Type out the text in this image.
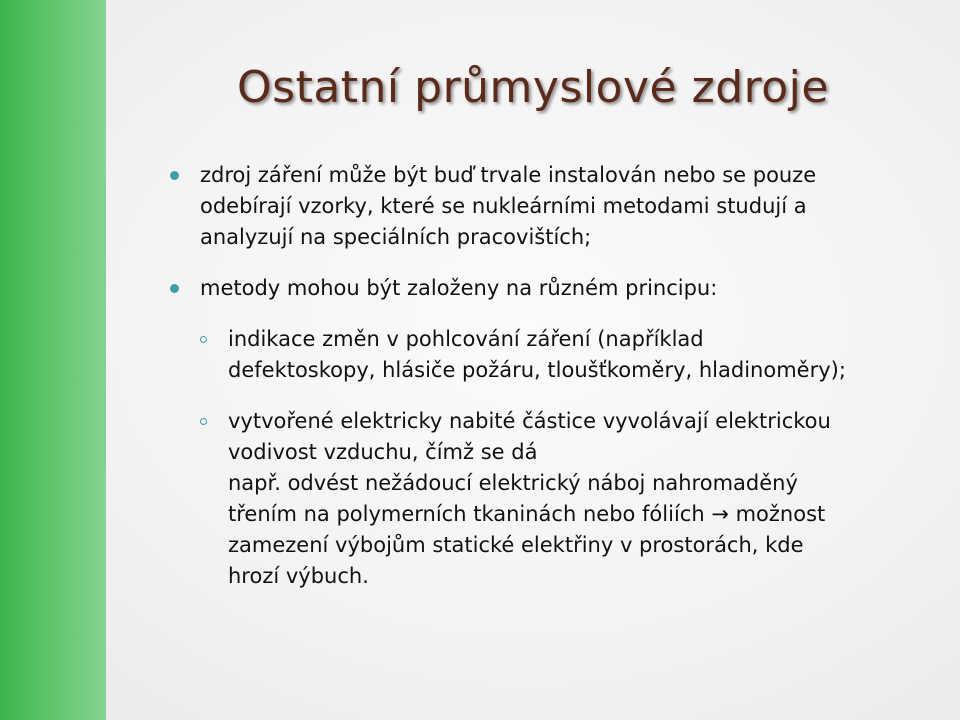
Ostatní průmyslové zdroje
zdroj záření může být buď trvale instalován nebo se pouze
odebírají vzorky, které se nukleárními metodami studují a
analyzují na speciálních pracovištích;
metody mohou být založeny na různém principu:
indikace změn v pohlcování záření (například
defektoskopy, hlásiče požáru, tloušťkoměry, hladinoměry);
vytvořené elektricky nabité částice vyvolávají elektrickou
vodivost vzduchu, čímž se dá
např. odvést nežádoucí elektrický náboj nahromaděný
třením na polymerních tkaninách nebo fóliích → možnost
zamezení výbojům statické elektřiny v prostorách, kde
hrozí výbuch.
